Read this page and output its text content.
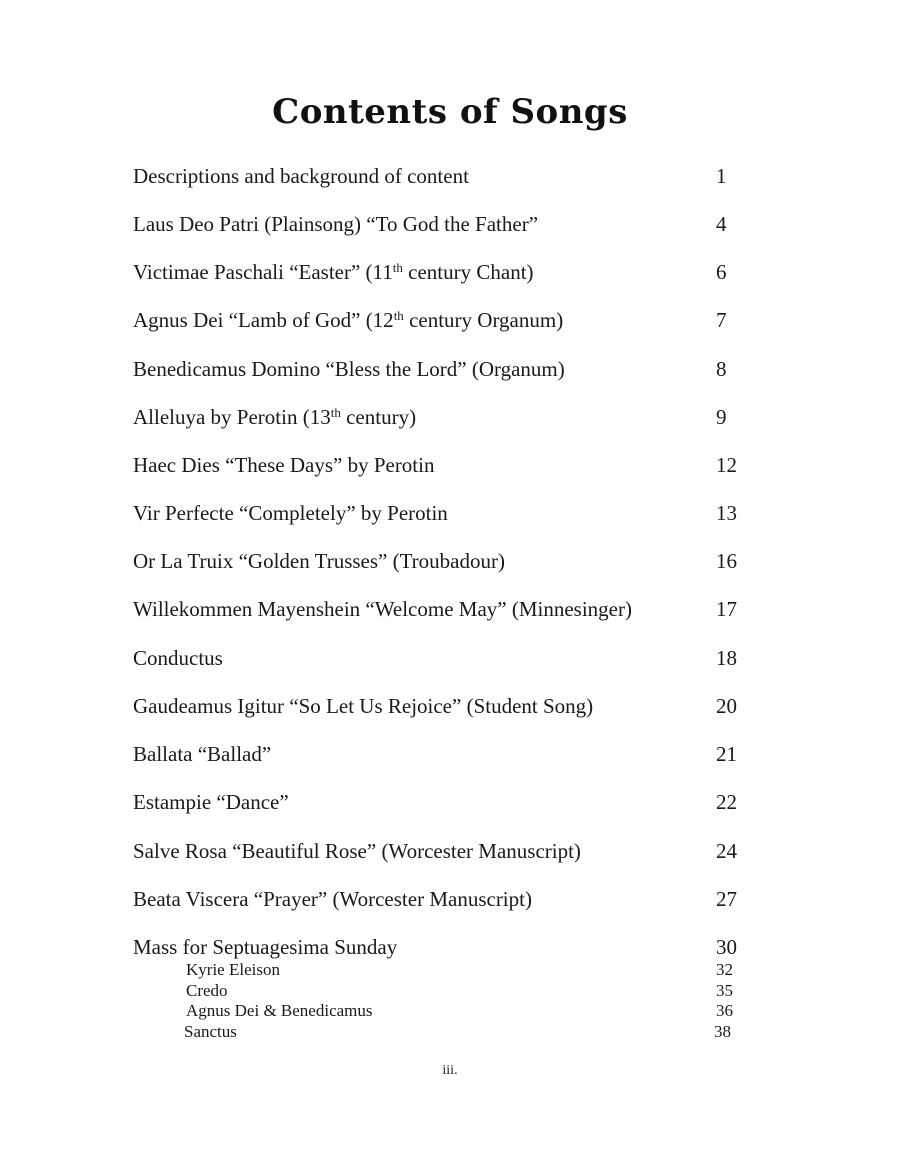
Contents of Songs
Descriptions and background of content	1
Laus Deo Patri (Plainsong) “To God the Father”	4
Victimae Paschali “Easter” (11th century Chant)	6
Agnus Dei “Lamb of God” (12th century Organum)	7
Benedicamus Domino “Bless the Lord” (Organum)	8
Alleluya by Perotin (13th century)	9
Haec Dies “These Days” by Perotin	12
Vir Perfecte “Completely” by Perotin	13
Or La Truix “Golden Trusses” (Troubadour)	16
Willekommen Mayenshein “Welcome May” (Minnesinger)	17
Conductus	18
Gaudeamus Igitur “So Let Us Rejoice” (Student Song)	20
Ballata “Ballad”	21
Estampie “Dance”	22
Salve Rosa “Beautiful Rose” (Worcester Manuscript)	24
Beata Viscera “Prayer” (Worcester Manuscript)	27
Mass for Septuagesima Sunday	30
Kyrie Eleison	32
Credo	35
Agnus Dei & Benedicamus	36
Sanctus	38
iii.
